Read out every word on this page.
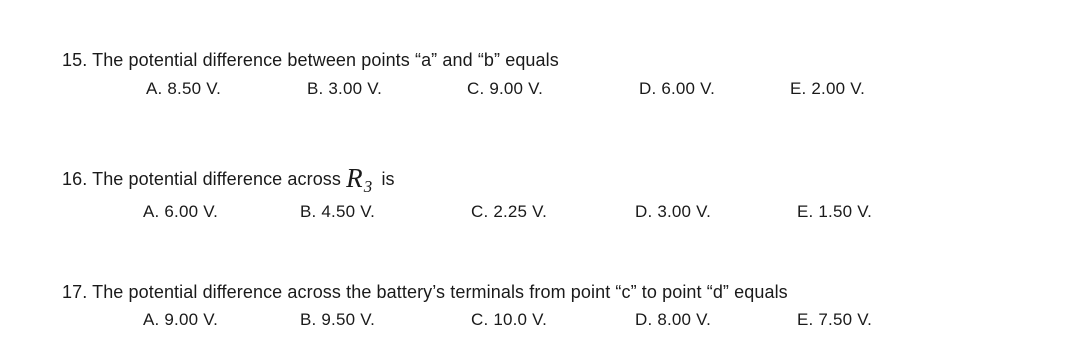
15. The potential difference between points “a” and “b” equals
A. 8.50 V.	B. 3.00 V.	C. 9.00 V.	D. 6.00 V.	E. 2.00 V.
16. The potential difference across R3 is
A. 6.00 V.	B. 4.50 V.	C. 2.25 V.	D. 3.00 V.	E. 1.50 V.
17. The potential difference across the battery’s terminals from point “c” to point “d” equals
A. 9.00 V.	B. 9.50 V.	C. 10.0 V.	D. 8.00 V.	E. 7.50 V.
